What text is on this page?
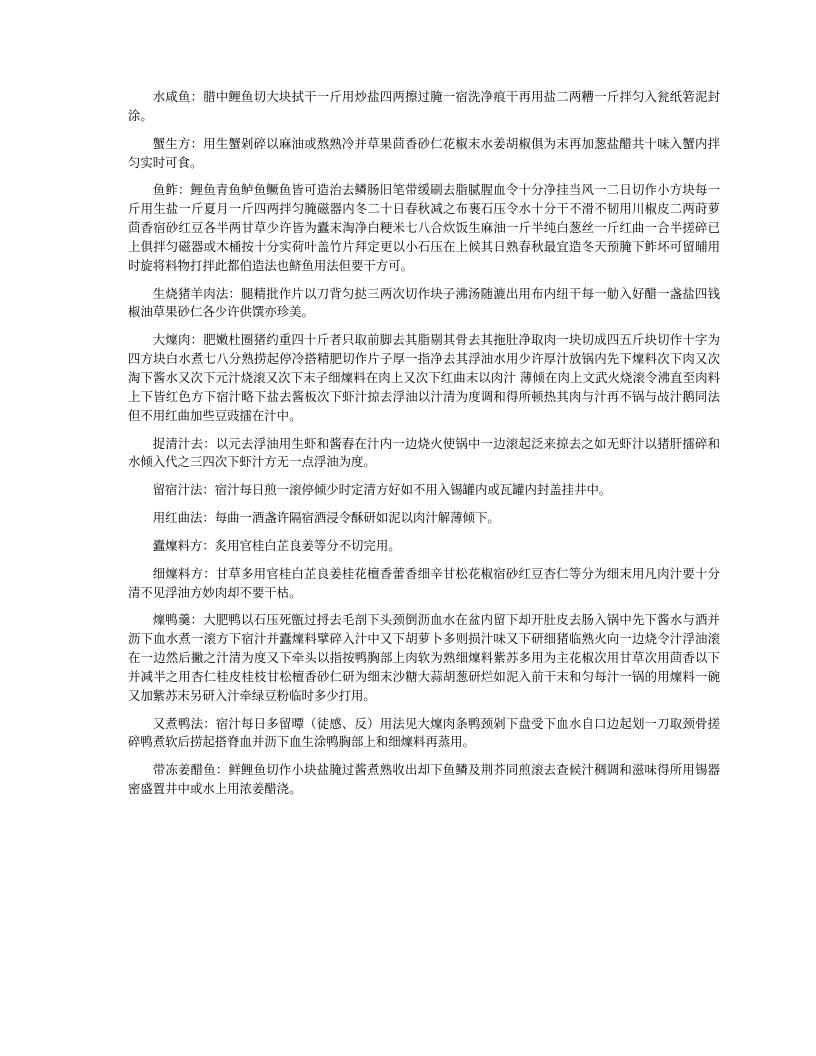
水咸鱼：腊中鲤鱼切大块拭干一斤用炒盐四两擦过腌一宿洗净痕干再用盐二两糟一斤拌匀入瓮纸箬泥封涂。

蟹生方：用生蟹剁碎以麻油或熬熟冷并草果茴香砂仁花椒末水姜胡椒俱为末再加葱盐醋共十味入蟹内拌匀实时可食。

鱼鲊：鲤鱼青鱼鲈鱼鳜鱼皆可造治去鳞肠旧笔带缓刷去脂腻腥血令十分净挂当风一二日切作小方块每一斤用生盐一斤夏月一斤四两拌匀腌磁器内冬二十日春秋减之布裹石压令水十分干不滑不韧用川椒皮二两莳萝茴香宿砂红豆各半两甘草少许皆为蠹末淘净白粳米七八合炊饭生麻油一斤半纯白葱丝一斤红曲一合半搓碎已上俱拌匀磁器或木桶按十分实荷叶盖竹片拜定更以小石压在上候其日熟春秋最宜造冬天预腌下鲊坏可留晡用时旋将料物打拌此都伯造法也鲚鱼用法但要干方可。

生烧猪羊肉法：腿精批作片以刀背匀挞三两次切作块子沸汤随漉出用布内纽干每一觔入好醋一盏盐四钱椒油草果砂仁各少许供馔亦珍美。

大燣肉：肥嫩杜圈猪约重四十斤者只取前脚去其脂剔其骨去其拖肚净取肉一块切成四五斤块切作十字为四方块白水煮七八分熟捞起停冷搭精肥切作片子厚一指净去其浮油水用少许厚汁放锅内先下燣料次下肉又次淘下酱水又次下元汁烧滚又次下末子细燣料在肉上又次下红曲末以肉汁 薄倾在肉上文武火烧滚令沸直至肉料上下皆红色方下宿汁略下盐去酱板次下虾汁掠去浮油以汁清为度调和得所顿热其肉与汁再不锅与敁汁鹅同法但不用红曲加些豆豉擂在汁中。

捉清汁去：以元去浮油用生虾和酱舂在汁内一边烧火使锅中一边滚起泛来掠去之如无虾汁以猪肝擂碎和水倾入代之三四次下虾汁方无一点浮油为度。

留宿汁法：宿汁每日煎一滚停倾少时定清方好如不用入锡罐内或瓦罐内封盖挂井中。

用红曲法：每曲一酒盏许隔宿酒浸令酥研如泥以肉汁解薄倾下。

蠹燣料方：炙用官桂白芷良姜等分不切完用。

细燣料方：甘草多用官桂白芷良姜桂花檀香蕾香细辛甘松花椒宿砂红豆杏仁等分为细末用凡肉汁要十分清不见浮油方妙肉却不要干枯。

燣鸭羹：大肥鸭以石压死甑过捋去毛剖下头颈倒沥血水在盆内留下却开肚皮去肠入锅中先下酱水与酒并沥下血水煮一滚方下宿汁并蠹燣料擘碎入汁中又下胡萝卜多则损汁味又下研细猪临熟火向一边烧令汁浮油滚在一边然后撇之汁清为度又下牵头以指按鸭胸部上肉软为熟细燣料紫苏多用为主花椒次用甘草次用茴香以下并减半之用杏仁桂皮桂枝甘松檀香砂仁研为细末沙糖大蒜胡葱研烂如泥入前干末和匀每汁一锅的用燣料一碗又加紫苏末另研入汁牵绿豆粉临时多少打用。

又煮鸭法：宿汁每日多留曋（徒感、反）用法见大燣肉条鸭颈剁下盘受下血水自口边起划一刀取颈骨搓碎鸭煮软后捞起搭脊血并沥下血生涂鸭胸部上和细燣料再蒸用。

带冻姜醋鱼：鲜鲤鱼切作小块盐腌过酱煮熟收出却下鱼鳞及荆芥同煎滚去查候汁稠调和滋味得所用锡器密盛置井中或水上用浓姜醋浇。
